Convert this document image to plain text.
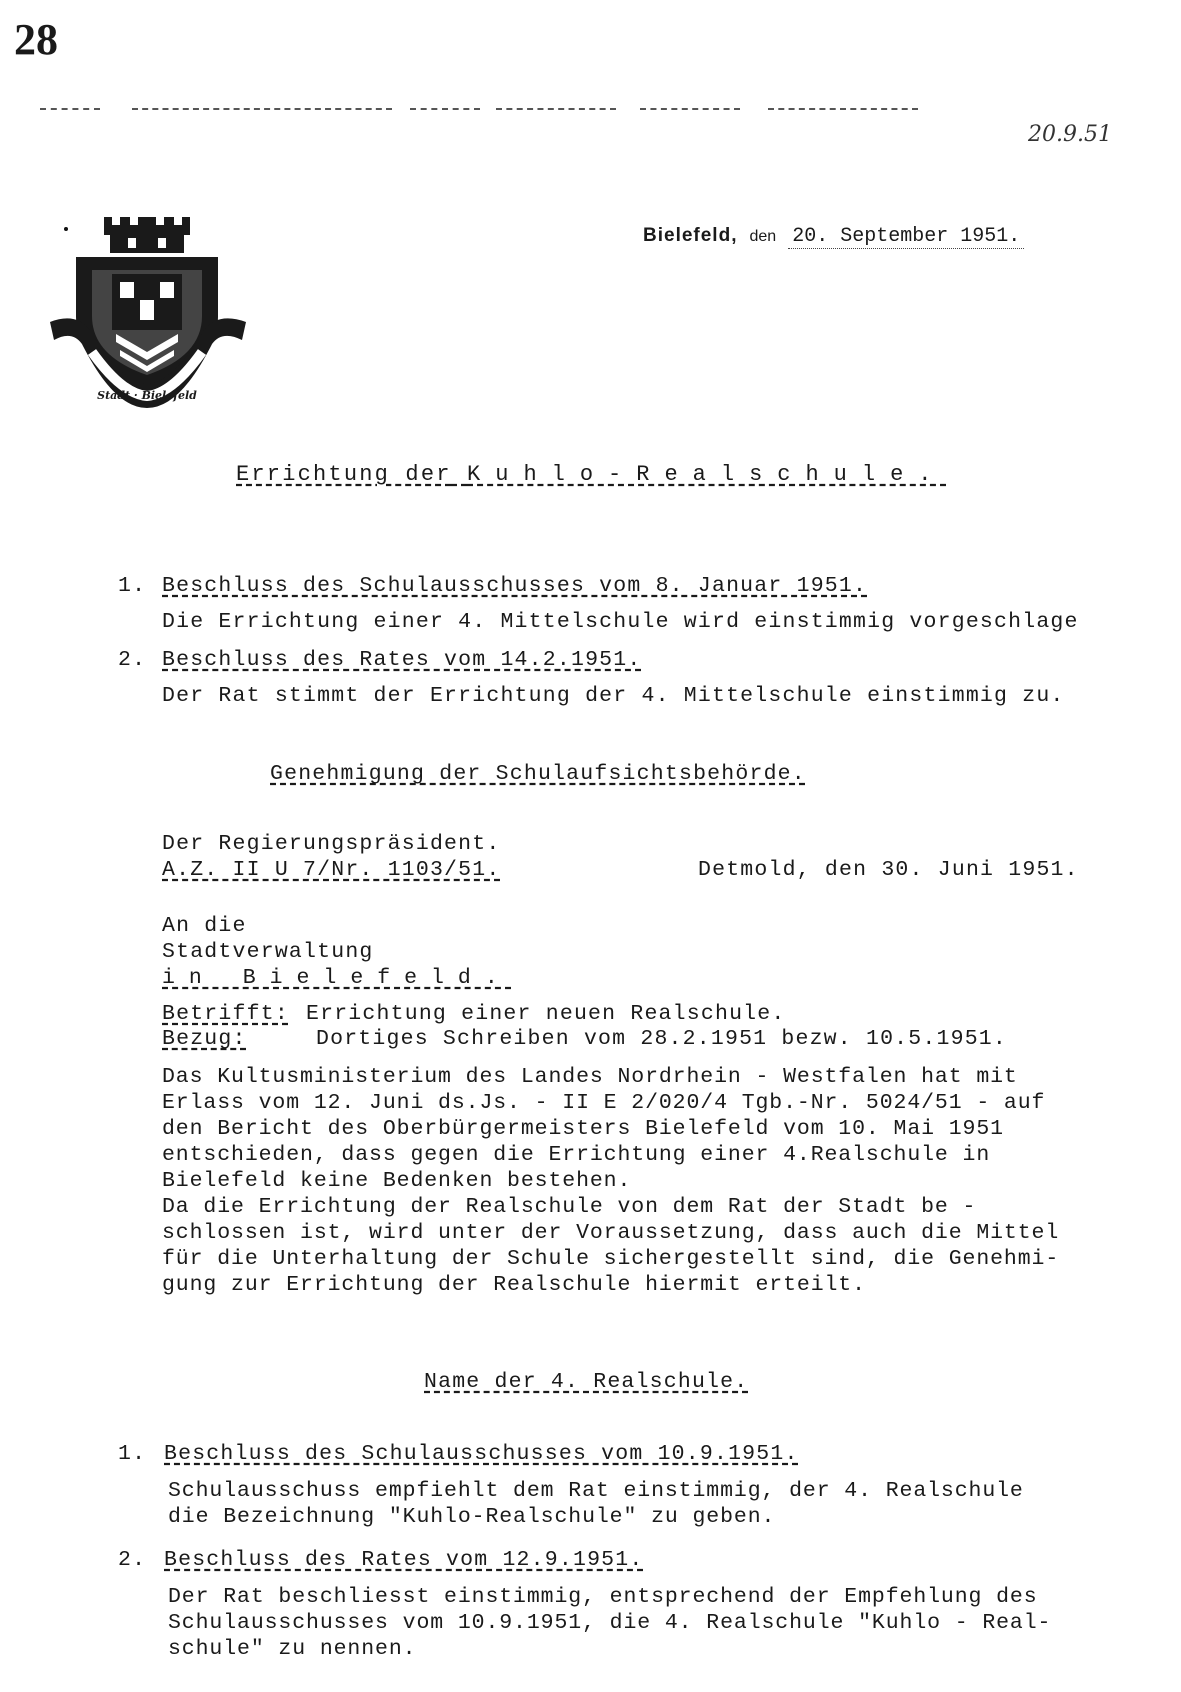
28
20.9.51
Stadt · Bielefeld
Bielefeld, den 20. September 1951.
Errichtung der Kuhlo-Realschule.
1. Beschluss des Schulausschusses vom 8. Januar 1951.
Die Errichtung einer 4. Mittelschule wird einstimmig vorgeschlage
2. Beschluss des Rates vom 14.2.1951.
Der Rat stimmt der Errichtung der 4. Mittelschule einstimmig zu.
Genehmigung der Schulaufsichtsbehörde.
Der Regierungspräsident.
A.Z. II U 7/Nr. 1103/51.	Detmold, den 30. Juni 1951.
An die
Stadtverwaltung
in Bielefeld.
Betrifft: Errichtung einer neuen Realschule.
Bezug:	Dortiges Schreiben vom 28.2.1951 bezw. 10.5.1951.
Das Kultusministerium des Landes Nordrhein - Westfalen hat mit
Erlass vom 12. Juni ds.Js. - II E 2/020/4 Tgb.-Nr. 5024/51 - auf
den Bericht des Oberbürgermeisters Bielefeld vom 10. Mai 1951
entschieden, dass gegen die Errichtung einer 4.Realschule in
Bielefeld keine Bedenken bestehen.
Da die Errichtung der Realschule von dem Rat der Stadt be -
schlossen ist, wird unter der Voraussetzung, dass auch die Mittel
für die Unterhaltung der Schule sichergestellt sind, die Genehmi-
gung zur Errichtung der Realschule hiermit erteilt.
Name der 4. Realschule.
1. Beschluss des Schulausschusses vom 10.9.1951.
Schulausschuss empfiehlt dem Rat einstimmig, der 4. Realschule
die Bezeichnung "Kuhlo-Realschule" zu geben.
2. Beschluss des Rates vom 12.9.1951.
Der Rat beschliesst einstimmig, entsprechend der Empfehlung des
Schulausschusses vom 10.9.1951, die 4. Realschule "Kuhlo - Real-
schule" zu nennen.
